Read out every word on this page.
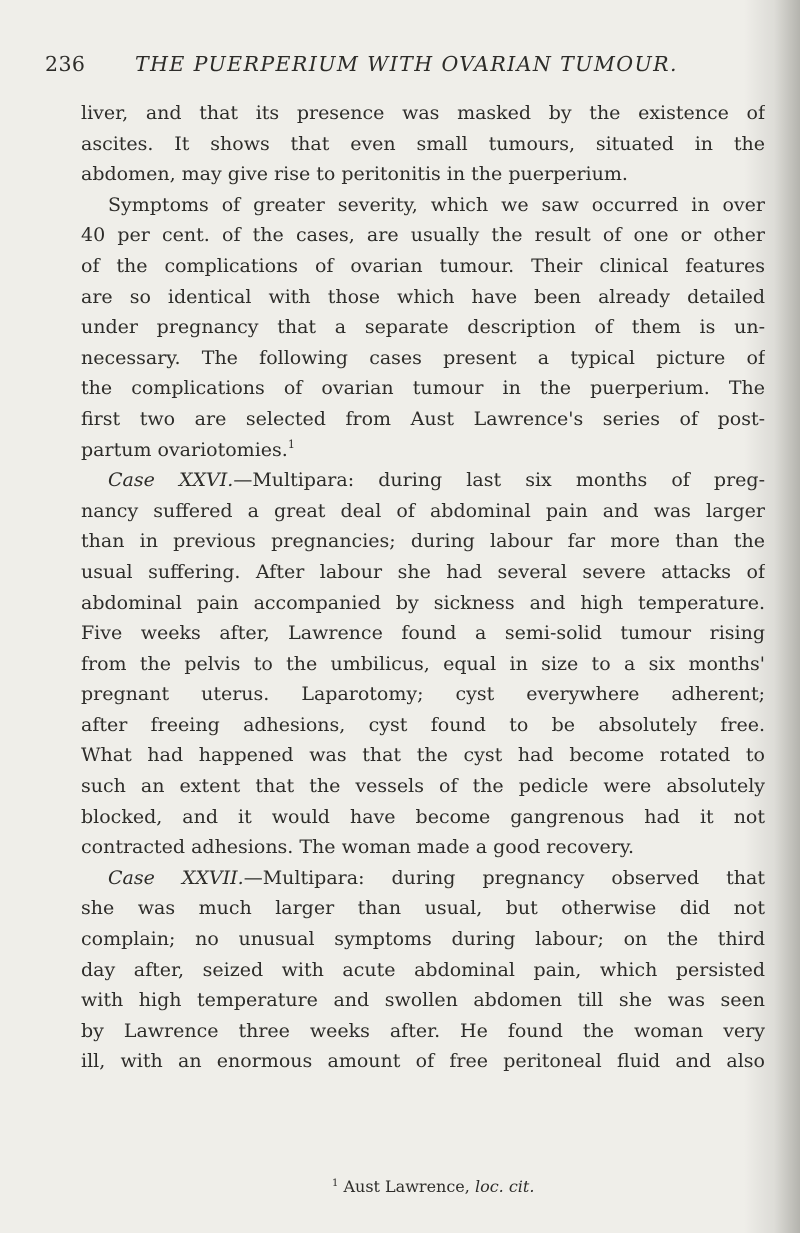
236 THE PUERPERIUM WITH OVARIAN TUMOUR.
liver, and that its presence was masked by the existence of
ascites. It shows that even small tumours, situated in the
abdomen, may give rise to peritonitis in the puerperium.
Symptoms of greater severity, which we saw occurred in over
40 per cent. of the cases, are usually the result of one or other
of the complications of ovarian tumour. Their clinical features
are so identical with those which have been already detailed
under pregnancy that a separate description of them is un-
necessary. The following cases present a typical picture of
the complications of ovarian tumour in the puerperium. The
first two are selected from Aust Lawrence's series of post-
partum ovariotomies.$^1$
Case XXVI.—Multipara: during last six months of preg-
nancy suffered a great deal of abdominal pain and was larger
than in previous pregnancies; during labour far more than the
usual suffering. After labour she had several severe attacks of
abdominal pain accompanied by sickness and high temperature.
Five weeks after, Lawrence found a semi-solid tumour rising
from the pelvis to the umbilicus, equal in size to a six months'
pregnant uterus. Laparotomy; cyst everywhere adherent;
after freeing adhesions, cyst found to be absolutely free.
What had happened was that the cyst had become rotated to
such an extent that the vessels of the pedicle were absolutely
blocked, and it would have become gangrenous had it not
contracted adhesions. The woman made a good recovery.
Case XXVII.—Multipara: during pregnancy observed that
she was much larger than usual, but otherwise did not
complain; no unusual symptoms during labour; on the third
day after, seized with acute abdominal pain, which persisted
with high temperature and swollen abdomen till she was seen
by Lawrence three weeks after. He found the woman very
ill, with an enormous amount of free peritoneal fluid and also
$^1$ Aust Lawrence, loc. cit.
